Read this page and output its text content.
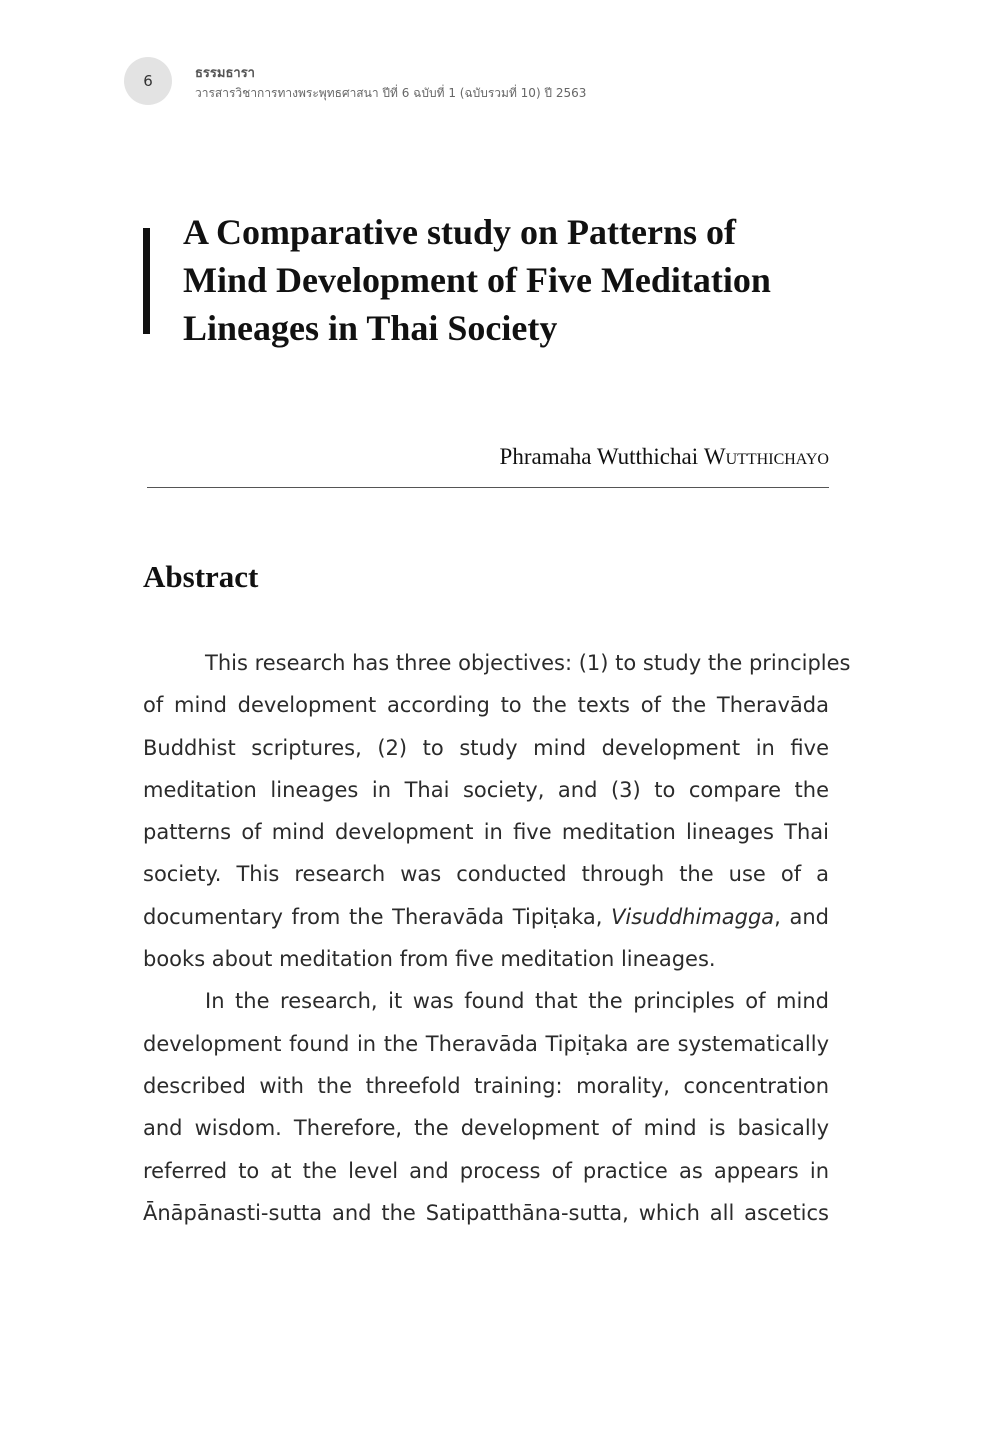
6	ธรรมธารา
วารสารวิชาการทางพระพุทธศาสนา ปีที่ 6 ฉบับที่ 1 (ฉบับรวมที่ 10) ปี 2563
A Comparative study on Patterns of
Mind Development of Five Meditation
Lineages in Thai Society
Phramaha Wutthichai Wutthichayo
Abstract
This research has three objectives: (1) to study the principles
of mind development according to the texts of the Theravāda
Buddhist scriptures, (2) to study mind development in five
meditation lineages in Thai society, and (3) to compare the
patterns of mind development in five meditation lineages Thai
society. This research was conducted through the use of a
documentary from the Theravāda Tipiṭaka, Visuddhimagga, and
books about meditation from five meditation lineages.
In the research, it was found that the principles of mind
development found in the Theravāda Tipiṭaka are systematically
described with the threefold training: morality, concentration
and wisdom. Therefore, the development of mind is basically
referred to at the level and process of practice as appears in
Ānāpānasti-sutta and the Satipatthāna-sutta, which all ascetics
